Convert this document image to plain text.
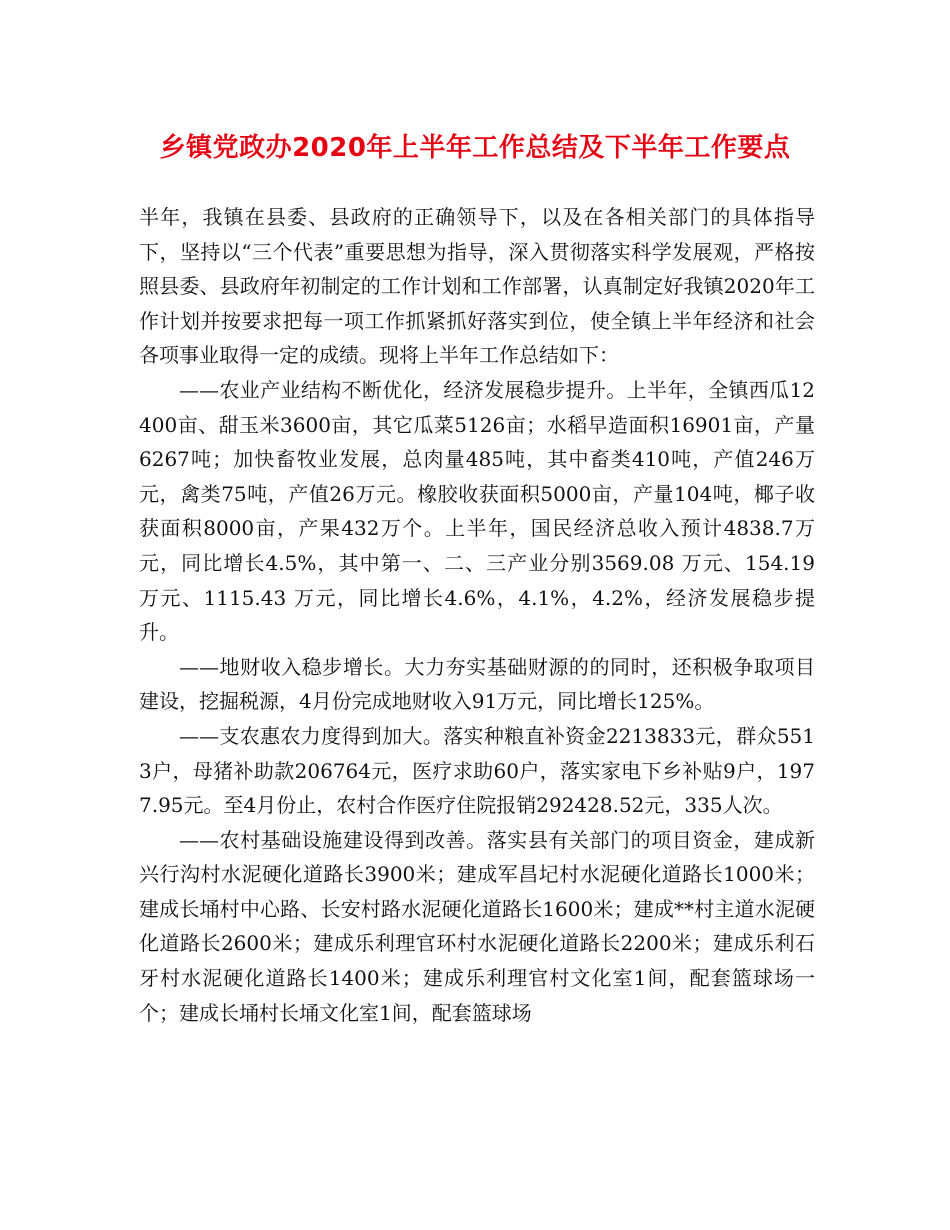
乡镇党政办2020年上半年工作总结及下半年工作要点

半年，我镇在县委、县政府的正确领导下，以及在各相关部门的具体指导下，坚持以“三个代表”重要思想为指导，深入贯彻落实科学发展观，严格按照县委、县政府年初制定的工作计划和工作部署，认真制定好我镇2020年工作计划并按要求把每一项工作抓紧抓好落实到位，使全镇上半年经济和社会各项事业取得一定的成绩。现将上半年工作总结如下：

——农业产业结构不断优化，经济发展稳步提升。上半年，全镇西瓜12400亩、甜玉米3600亩，其它瓜菜5126亩；水稻早造面积16901亩，产量6267吨；加快畜牧业发展，总肉量485吨，其中畜类410吨，产值246万元，禽类75吨，产值26万元。橡胶收获面积5000亩，产量104吨，椰子收获面积8000亩，产果432万个。上半年，国民经济总收入预计4838.7万元，同比增长4.5%，其中第一、二、三产业分别3569.08 万元、154.19 万元、1115.43 万元，同比增长4.6%，4.1%，4.2%，经济发展稳步提升。

——地财收入稳步增长。大力夯实基础财源的的同时，还积极争取项目建设，挖掘税源，4月份完成地财收入91万元，同比增长125%。

——支农惠农力度得到加大。落实种粮直补资金2213833元，群众5513户，母猪补助款206764元，医疗求助60户，落实家电下乡补贴9户，1977.95元。至4月份止，农村合作医疗住院报销292428.52元，335人次。

——农村基础设施建设得到改善。落实县有关部门的项目资金，建成新兴行沟村水泥硬化道路长3900米；建成军昌圮村水泥硬化道路长1000米；建成长埇村中心路、长安村路水泥硬化道路长1600米；建成**村主道水泥硬化道路长2600米；建成乐利理官环村水泥硬化道路长2200米；建成乐利石牙村水泥硬化道路长1400米；建成乐利理官村文化室1间，配套篮球场一个；建成长埇村长埇文化室1间，配套篮球场
